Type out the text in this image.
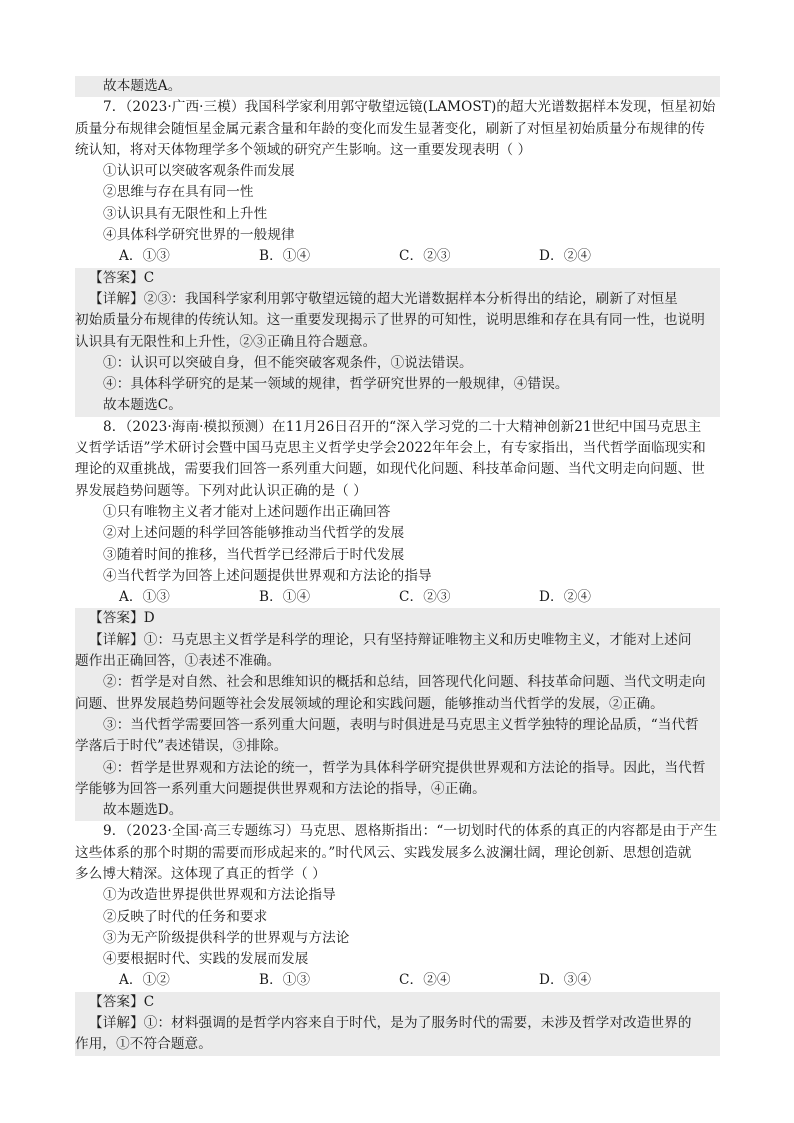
故本题选A。
7．（2023·广西·三模）我国科学家利用郭守敬望远镜(LAMOST)的超大光谱数据样本发现，恒星初始
质量分布规律会随恒星金属元素含量和年龄的变化而发生显著变化，刷新了对恒星初始质量分布规律的传
统认知，将对天体物理学多个领域的研究产生影响。这一重要发现表明（ ）
①认识可以突破客观条件而发展
②思维与存在具有同一性
③认识具有无限性和上升性
④具体科学研究世界的一般规律
A．①③	B．①④	C．②③	D．②④
【答案】C
【详解】②③：我国科学家利用郭守敬望远镜的超大光谱数据样本分析得出的结论，刷新了对恒星
初始质量分布规律的传统认知。这一重要发现揭示了世界的可知性，说明思维和存在具有同一性，也说明
认识具有无限性和上升性，②③正确且符合题意。
①：认识可以突破自身，但不能突破客观条件，①说法错误。
④：具体科学研究的是某一领域的规律，哲学研究世界的一般规律，④错误。
故本题选C。
8．（2023·海南·模拟预测）在11月26日召开的“深入学习党的二十大精神创新21世纪中国马克思主
义哲学话语”学术研讨会暨中国马克思主义哲学史学会2022年年会上，有专家指出，当代哲学面临现实和
理论的双重挑战，需要我们回答一系列重大问题，如现代化问题、科技革命问题、当代文明走向问题、世
界发展趋势问题等。下列对此认识正确的是（ ）
①只有唯物主义者才能对上述问题作出正确回答
②对上述问题的科学回答能够推动当代哲学的发展
③随着时间的推移，当代哲学已经滞后于时代发展
④当代哲学为回答上述问题提供世界观和方法论的指导
A．①③	B．①④	C．②③	D．②④
【答案】D
【详解】①：马克思主义哲学是科学的理论，只有坚持辩证唯物主义和历史唯物主义，才能对上述问
题作出正确回答，①表述不准确。
②：哲学是对自然、社会和思维知识的概括和总结，回答现代化问题、科技革命问题、当代文明走向
问题、世界发展趋势问题等社会发展领域的理论和实践问题，能够推动当代哲学的发展，②正确。
③：当代哲学需要回答一系列重大问题，表明与时俱进是马克思主义哲学独特的理论品质，“当代哲
学落后于时代”表述错误，③排除。
④：哲学是世界观和方法论的统一，哲学为具体科学研究提供世界观和方法论的指导。因此，当代哲
学能够为回答一系列重大问题提供世界观和方法论的指导，④正确。
故本题选D。
9．（2023·全国·高三专题练习）马克思、恩格斯指出：“一切划时代的体系的真正的内容都是由于产生
这些体系的那个时期的需要而形成起来的。”时代风云、实践发展多么波澜壮阔，理论创新、思想创造就
多么博大精深。这体现了真正的哲学（ ）
①为改造世界提供世界观和方法论指导
②反映了时代的任务和要求
③为无产阶级提供科学的世界观与方法论
④要根据时代、实践的发展而发展
A．①②	B．①③	C．②④	D．③④
【答案】C
【详解】①：材料强调的是哲学内容来自于时代，是为了服务时代的需要，未涉及哲学对改造世界的
作用，①不符合题意。
